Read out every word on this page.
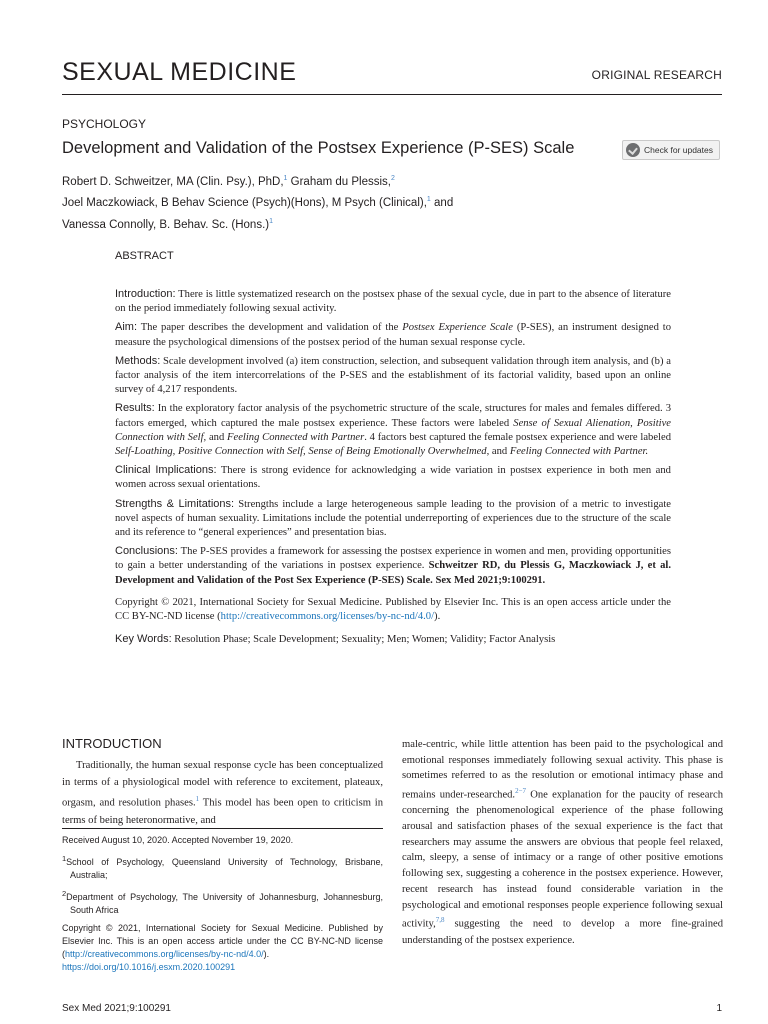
SEXUAL MEDICINE	ORIGINAL RESEARCH
PSYCHOLOGY
Development and Validation of the Postsex Experience (P-SES) Scale	Check for updates
Robert D. Schweitzer, MA (Clin. Psy.), PhD,$^1$ Graham du Plessis,$^2$
Joel Maczkowiack, B Behav Science (Psych)(Hons), M Psych (Clinical),$^1$ and
Vanessa Connolly, B. Behav. Sc. (Hons.)$^1$
ABSTRACT

Introduction: There is little systematized research on the postsex phase of the sexual cycle, due in part to the absence of literature on the period immediately following sexual activity.

Aim: The paper describes the development and validation of the Postsex Experience Scale (P-SES), an instrument designed to measure the psychological dimensions of the postsex period of the human sexual response cycle.

Methods: Scale development involved (a) item construction, selection, and subsequent validation through item analysis, and (b) a factor analysis of the item intercorrelations of the P-SES and the establishment of its factorial validity, based upon an online survey of 4,217 respondents.

Results: In the exploratory factor analysis of the psychometric structure of the scale, structures for males and females differed. 3 factors emerged, which captured the male postsex experience. These factors were labeled Sense of Sexual Alienation, Positive Connection with Self, and Feeling Connected with Partner. 4 factors best captured the female postsex experience and were labeled Self-Loathing, Positive Connection with Self, Sense of Being Emotionally Overwhelmed, and Feeling Connected with Partner.

Clinical Implications: There is strong evidence for acknowledging a wide variation in postsex experience in both men and women across sexual orientations.

Strengths & Limitations: Strengths include a large heterogeneous sample leading to the provision of a metric to investigate novel aspects of human sexuality. Limitations include the potential underreporting of experiences due to the structure of the scale and its reference to “general experiences” and presentation bias.

Conclusions: The P-SES provides a framework for assessing the postsex experience in women and men, providing opportunities to gain a better understanding of the variations in postsex experience. Schweitzer RD, du Plessis G, Maczkowiack J, et al. Development and Validation of the Post Sex Experience (P-SES) Scale. Sex Med 2021;9:100291.

Copyright © 2021, International Society for Sexual Medicine. Published by Elsevier Inc. This is an open access article under the CC BY-NC-ND license (http://creativecommons.org/licenses/by-nc-nd/4.0/).

Key Words: Resolution Phase; Scale Development; Sexuality; Men; Women; Validity; Factor Analysis

INTRODUCTION

Traditionally, the human sexual response cycle has been conceptualized in terms of a physiological model with reference to excitement, plateaux, orgasm, and resolution phases.$^1$ This model has been open to criticism in terms of being heteronormative, and

Received August 10, 2020. Accepted November 19, 2020.

$^1$School of Psychology, Queensland University of Technology, Brisbane, Australia;

$^2$Department of Psychology, The University of Johannesburg, Johannesburg, South Africa

Copyright © 2021, International Society for Sexual Medicine. Published by Elsevier Inc. This is an open access article under the CC BY-NC-ND license (http://creativecommons.org/licenses/by-nc-nd/4.0/).
https://doi.org/10.1016/j.esxm.2020.100291

male-centric, while little attention has been paid to the psychological and emotional responses immediately following sexual activity. This phase is sometimes referred to as the resolution or emotional intimacy phase and remains under-researched.$^{2-7}$ One explanation for the paucity of research concerning the phenomenological experience of the phase following arousal and satisfaction phases of the sexual experience is the fact that researchers may assume the answers are obvious that people feel relaxed, calm, sleepy, a sense of intimacy or a range of other positive emotions following sex, suggesting a coherence in the postsex experience. However, recent research has instead found considerable variation in the psychological and emotional responses people experience following sexual activity,$^{7,8}$ suggesting the need to develop a more fine-grained understanding of the postsex experience.

Sex Med 2021;9:100291	1
